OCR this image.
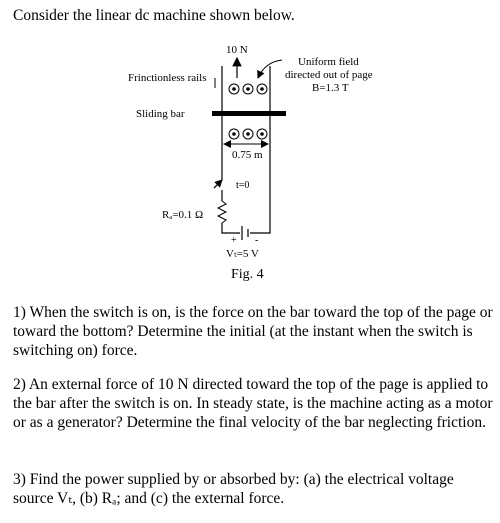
Consider the linear dc machine shown below.

10 N
Frinctionless rails
Uniform field
directed out of page
B=1.3 T
Sliding bar
0.75 m
t=0
Rₐ=0.1 Ω
+ -
Vₜ=5 V
Fig. 4

1) When the switch is on, is the force on the bar toward the top of the page or toward the bottom? Determine the initial (at the instant when the switch is switching on) force.

2) An external force of 10 N directed toward the top of the page is applied to the bar after the switch is on. In steady state, is the machine acting as a motor or as a generator? Determine the final velocity of the bar neglecting friction.

3) Find the power supplied by or absorbed by: (a) the electrical voltage source Vₜ, (b) Rₐ; and (c) the external force.
